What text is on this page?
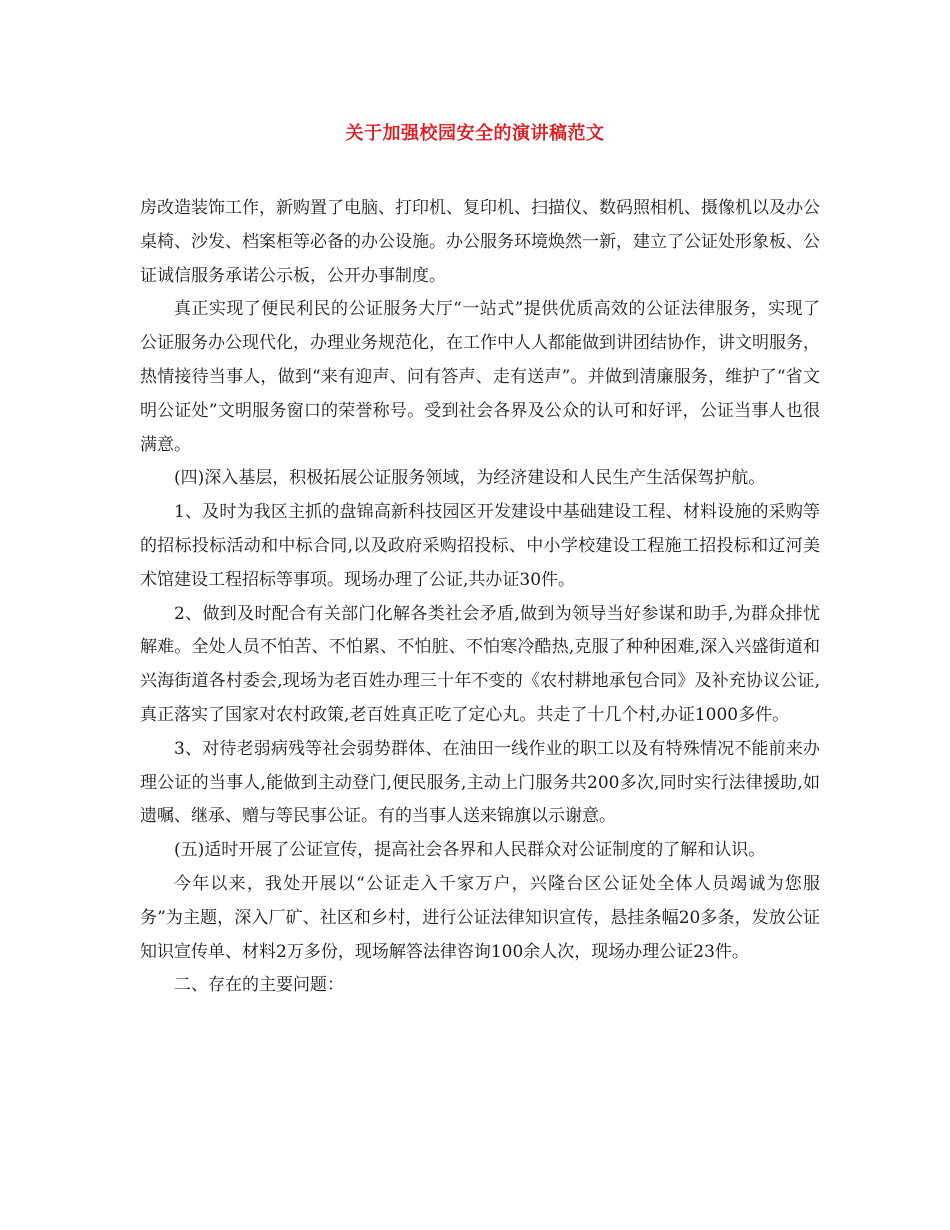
关于加强校园安全的演讲稿范文

房改造装饰工作，新购置了电脑、打印机、复印机、扫描仪、数码照相机、摄像机以及办公桌椅、沙发、档案柜等必备的办公设施。办公服务环境焕然一新，建立了公证处形象板、公证诚信服务承诺公示板，公开办事制度。

真正实现了便民利民的公证服务大厅“一站式”提供优质高效的公证法律服务，实现了公证服务办公现代化，办理业务规范化，在工作中人人都能做到讲团结协作，讲文明服务，热情接待当事人，做到“来有迎声、问有答声、走有送声”。并做到清廉服务，维护了“省文明公证处”文明服务窗口的荣誉称号。受到社会各界及公众的认可和好评，公证当事人也很满意。

(四)深入基层，积极拓展公证服务领域，为经济建设和人民生产生活保驾护航。

1、及时为我区主抓的盘锦高新科技园区开发建设中基础建设工程、材料设施的采购等的招标投标活动和中标合同,以及政府采购招投标、中小学校建设工程施工招投标和辽河美术馆建设工程招标等事项。现场办理了公证,共办证30件。

2、做到及时配合有关部门化解各类社会矛盾,做到为领导当好参谋和助手,为群众排忧解难。全处人员不怕苦、不怕累、不怕脏、不怕寒冷酷热,克服了种种困难,深入兴盛街道和兴海街道各村委会,现场为老百姓办理三十年不变的《农村耕地承包合同》及补充协议公证,真正落实了国家对农村政策,老百姓真正吃了定心丸。共走了十几个村,办证1000多件。

3、对待老弱病残等社会弱势群体、在油田一线作业的职工以及有特殊情况不能前来办理公证的当事人,能做到主动登门,便民服务,主动上门服务共200多次,同时实行法律援助,如遗嘱、继承、赠与等民事公证。有的当事人送来锦旗以示谢意。

(五)适时开展了公证宣传，提高社会各界和人民群众对公证制度的了解和认识。

今年以来，我处开展以“公证走入千家万户，兴隆台区公证处全体人员竭诚为您服务”为主题，深入厂矿、社区和乡村，进行公证法律知识宣传，悬挂条幅20多条，发放公证知识宣传单、材料2万多份，现场解答法律咨询100余人次，现场办理公证23件。

二、存在的主要问题：
